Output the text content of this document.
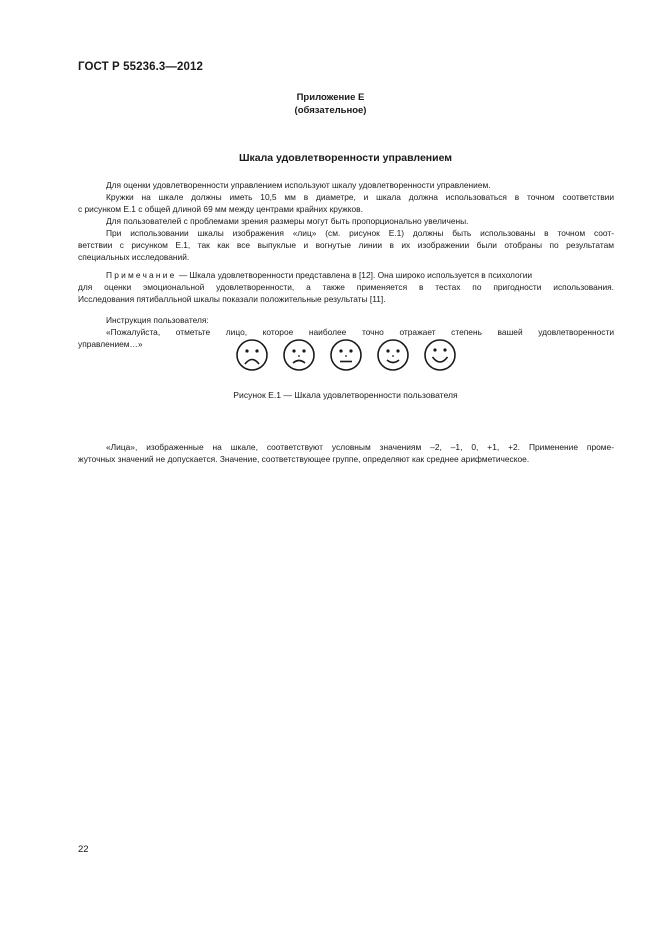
ГОСТ Р 55236.3—2012
Приложение Е
(обязательное)
Шкала удовлетворенности управлением
Для оценки удовлетворенности управлением используют шкалу удовлетворенности управлением.
Кружки на шкале должны иметь 10,5 мм в диаметре, и шкала должна использоваться в точном соответствии
с рисунком Е.1 с общей длиной 69 мм между центрами крайних кружков.
Для пользователей с проблемами зрения размеры могут быть пропорционально увеличены.
При использовании шкалы изображения «лиц» (см. рисунок Е.1) должны быть использованы в точном соот-
ветствии с рисунком Е.1, так как все выпуклые и вогнутые линии в их изображении были отобраны по результатам
специальных исследований.
Примечание — Шкала удовлетворенности представлена в [12]. Она широко используется в психологии
для оценки эмоциональной удовлетворенности, а также применяется в тестах по пригодности использования.
Исследования пятибалльной шкалы показали положительные результаты [11].
Инструкция пользователя:
«Пожалуйста, отметьте лицо, которое наиболее точно отражает степень вашей удовлетворенности
управлением…»
Рисунок Е.1 — Шкала удовлетворенности пользователя
«Лица», изображенные на шкале, соответствуют условным значениям –2, –1, 0, +1, +2. Применение проме-
жуточных значений не допускается. Значение, соответствующее группе, определяют как среднее арифметическое.
22
